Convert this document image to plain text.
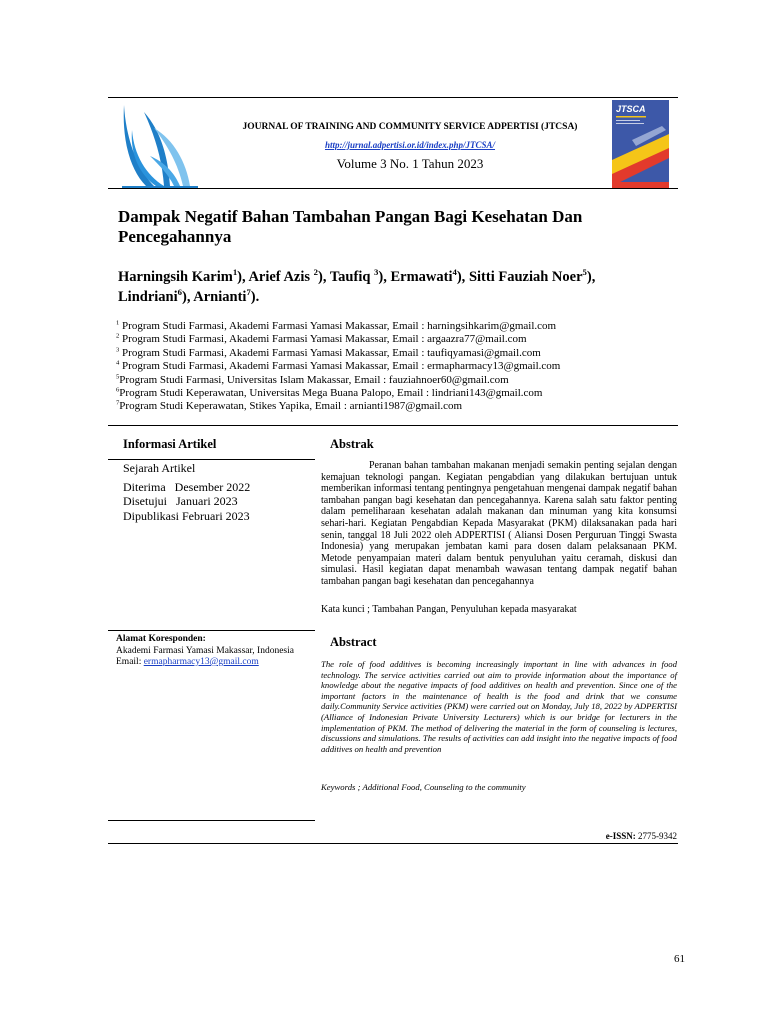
JOURNAL OF TRAINING AND COMMUNITY SERVICE ADPERTISI (JTCSA)
http://jurnal.adpertisi.or.id/index.php/JTCSA/
Volume 3 No. 1 Tahun 2023
JTSCA
Dampak Negatif Bahan Tambahan Pangan Bagi Kesehatan Dan Pencegahannya
Harningsih Karim$^1$), Arief Azis $^2$), Taufiq $^3$), Ermawati$^4$), Sitti Fauziah Noer$^5$),
Lindriani$^6$), Arnianti$^7$).
$^1$ Program Studi Farmasi, Akademi Farmasi Yamasi Makassar, Email : harningsihkarim@gmail.com
$^2$ Program Studi Farmasi, Akademi Farmasi Yamasi Makassar, Email : argaazra77@mail.com
$^3$ Program Studi Farmasi, Akademi Farmasi Yamasi Makassar, Email : taufiqyamasi@gmail.com
$^4$ Program Studi Farmasi, Akademi Farmasi Yamasi Makassar, Email : ermapharmacy13@gmail.com
$^5$Program Studi Farmasi, Universitas Islam Makassar, Email : fauziahnoer60@gmail.com
$^6$Program Studi Keperawatan, Universitas Mega Buana Palopo, Email : lindriani143@gmail.com
$^7$Program Studi Keperawatan, Stikes Yapika, Email : arnianti1987@gmail.com
Informasi Artikel
Sejarah Artikel
Diterima   Desember 2022
Disetujui   Januari 2023
Dipublikasi Februari 2023
Abstrak
Peranan bahan tambahan makanan menjadi semakin penting sejalan dengan kemajuan teknologi pangan. Kegiatan pengabdian yang dilakukan bertujuan untuk memberikan informasi tentang pentingnya pengetahuan mengenai dampak negatif bahan tambahan pangan bagi kesehatan dan pencegahannya. Karena salah satu faktor penting dalam pemeliharaan kesehatan adalah makanan dan minuman yang kita konsumsi sehari-hari. Kegiatan Pengabdian Kepada Masyarakat (PKM) dilaksanakan pada hari senin, tanggal 18 Juli 2022 oleh ADPERTISI ( Aliansi Dosen Perguruan Tinggi Swasta Indonesia) yang merupakan jembatan kami para dosen dalam pelaksanaan PKM. Metode penyampaian materi dalam bentuk penyuluhan yaitu ceramah, diskusi dan simulasi. Hasil kegiatan dapat menambah wawasan tentang dampak negatif bahan tambahan pangan bagi kesehatan dan pencegahannya
Kata kunci ; Tambahan Pangan, Penyuluhan kepada masyarakat
Alamat Koresponden:
Akademi Farmasi Yamasi Makassar, Indonesia
Email: ermapharmacy13@gmail.com
Abstract
The role of food additives is becoming increasingly important in line with advances in food technology. The service activities carried out aim to provide information about the importance of knowledge about the negative impacts of food additives on health and prevention. Since one of the important factors in the maintenance of health is the food and drink that we consume daily.Community Service activities (PKM) were carried out on Monday, July 18, 2022 by ADPERTISI (Alliance of Indonesian Private University Lecturers) which is our bridge for lecturers in the implementation of PKM. The method of delivering the material in the form of counseling is lectures, discussions and simulations. The results of activities can add insight into the negative impacts of food additives on health and prevention
Keywords ; Additional Food, Counseling to the community
e-ISSN: 2775-9342
61
